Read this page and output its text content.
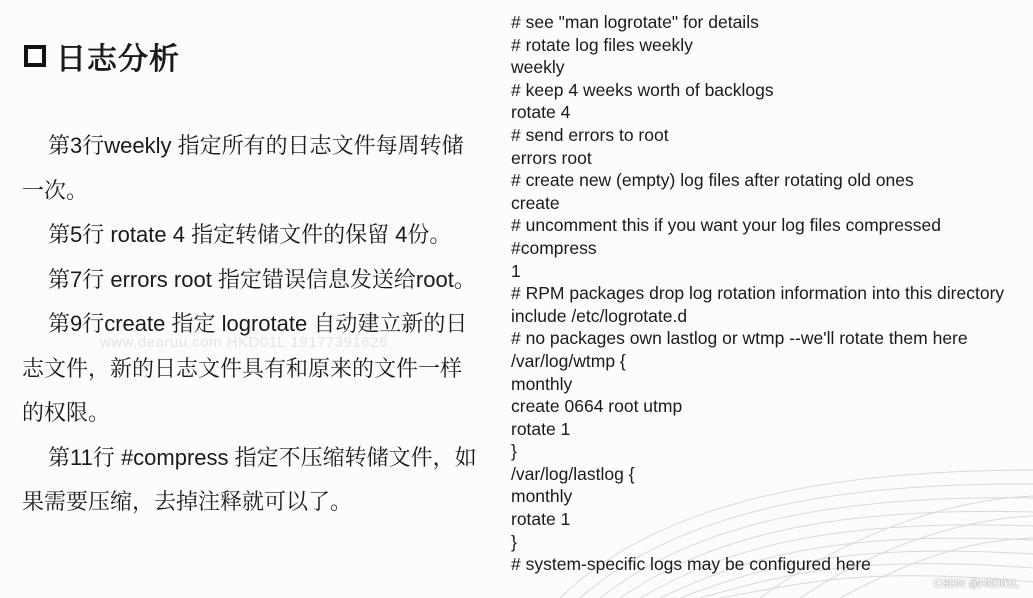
日志分析

第3行weekly 指定所有的日志文件每周转储一次。

第5行 rotate 4 指定转储文件的保留 4份。

第7行 errors root 指定错误信息发送给root。

第9行create 指定 logrotate 自动建立新的日志文件，新的日志文件具有和原来的文件一样的权限。

第11行 #compress 指定不压缩转储文件，如果需要压缩，去掉注释就可以了。

www.dearuu.com HKD01L 19177391626
# see "man logrotate" for details
# rotate log files weekly
weekly
# keep 4 weeks worth of backlogs
rotate 4
# send errors to root
errors root
# create new (empty) log files after rotating old ones
create
# uncomment this if you want your log files compressed
#compress
1
# RPM packages drop log rotation information into this directory
include /etc/logrotate.d
# no packages own lastlog or wtmp --we'll rotate them here
/var/log/wtmp {
monthly
create 0664 root utmp
rotate 1
}
/var/log/lastlog {
monthly
rotate 1
}
# system-specific logs may be configured here
CSDN @HkD01L
